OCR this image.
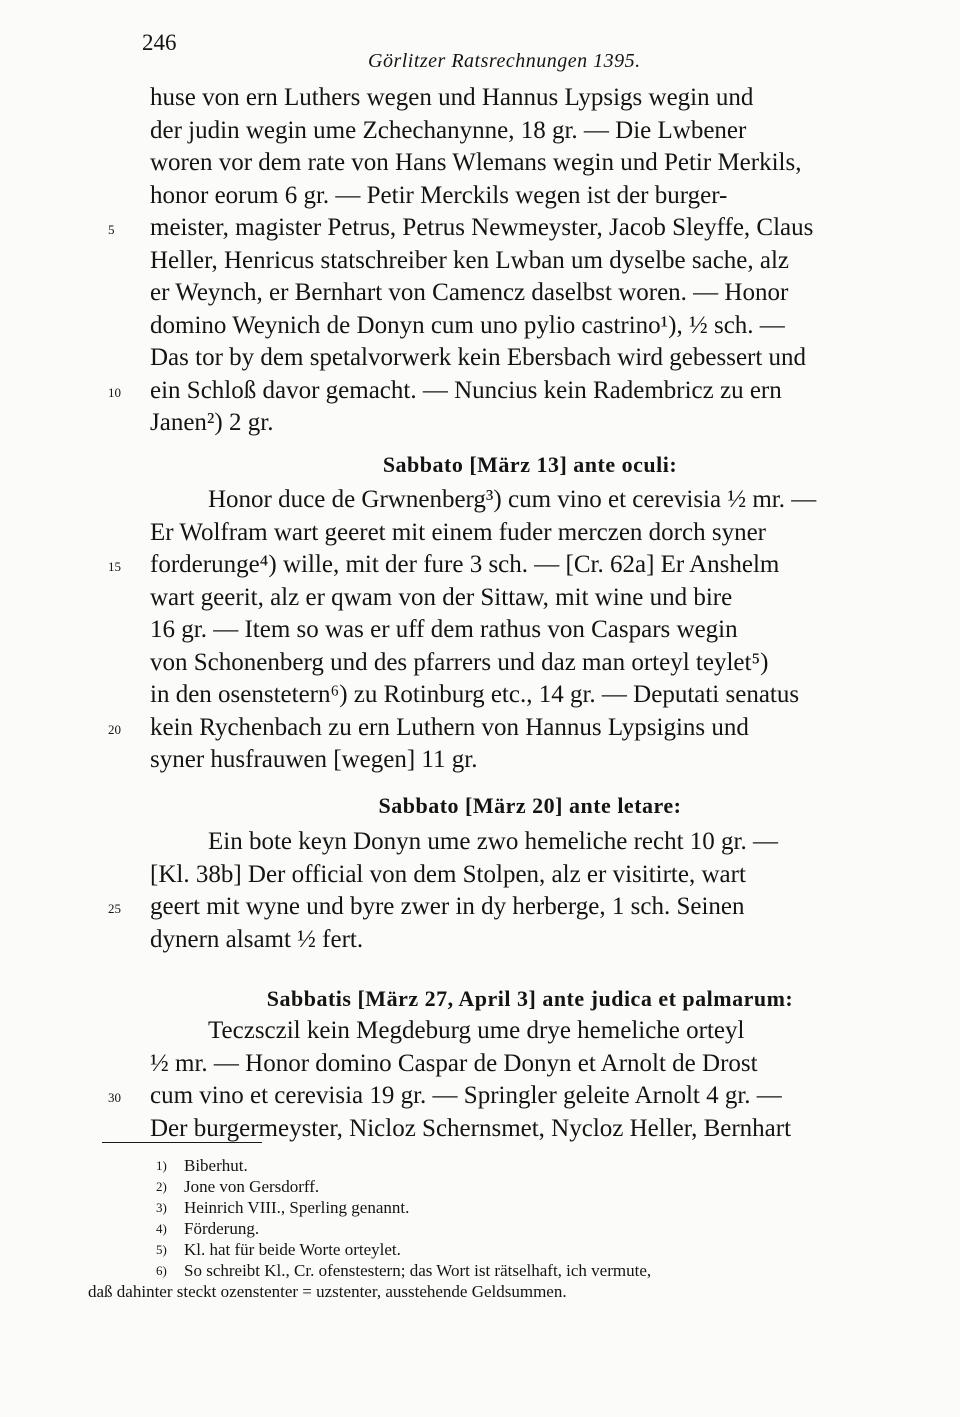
246
Görlitzer Ratsrechnungen 1395.
huse von ern Luthers wegen und Hannus Lypsigs wegin und
der judin wegin ume Zchechanynne, 18 gr. — Die Lwbener
woren vor dem rate von Hans Wlemans wegin und Petir Merkils,
honor eorum 6 gr. — Petir Merckils wegen ist der burger-
5 meister, magister Petrus, Petrus Newmeyster, Jacob Sleyffe, Claus
Heller, Henricus statschreiber ken Lwban um dyselbe sache, alz
er Weynch, er Bernhart von Camencz daselbst woren. — Honor
domino Weynich de Donyn cum uno pylio castrino¹), ½ sch. —
Das tor by dem spetalvorwerk kein Ebersbach wird gebessert und
10 ein Schloß davor gemacht. — Nuncius kein Radembricz zu ern
Janen²) 2 gr.
Sabbato [März 13] ante oculi:
Honor duce de Grwnenberg³) cum vino et cerevisia ½ mr. —
Er Wolfram wart geeret mit einem fuder merczen dorch syner
15 forderunge⁴) wille, mit der fure 3 sch. — [Cr. 62a] Er Anshelm
wart geerit, alz er qwam von der Sittaw, mit wine und bire
16 gr. — Item so was er uff dem rathus von Caspars wegin
von Schonenberg und des pfarrers und daz man orteyl teylet⁵)
in den osenstetern⁶) zu Rotinburg etc., 14 gr. — Deputati senatus
20 kein Rychenbach zu ern Luthern von Hannus Lypsigins und
syner husfrauwen [wegen] 11 gr.
Sabbato [März 20] ante letare:
Ein bote keyn Donyn ume zwo hemeliche recht 10 gr. —
[Kl. 38b] Der official von dem Stolpen, alz er visitirte, wart
25 geert mit wyne und byre zwer in dy herberge, 1 sch. Seinen
dynern alsamt ½ fert.
Sabbatis [März 27, April 3] ante judica et palmarum:
Teczsczil kein Megdeburg ume drye hemeliche orteyl
½ mr. — Honor domino Caspar de Donyn et Arnolt de Drost
30 cum vino et cerevisia 19 gr. — Springler geleite Arnolt 4 gr. —
Der burgermeyster, Nicloz Schernsmet, Nycloz Heller, Bernhart
1) Biberhut.
2) Jone von Gersdorff.
3) Heinrich VIII., Sperling genannt.
4) Förderung.
5) Kl. hat für beide Worte orteylet.
6) So schreibt Kl., Cr. ofenstestern; das Wort ist rätselhaft, ich vermute,
daß dahinter steckt ozenstenter = uzstenter, ausstehende Geldsummen.
